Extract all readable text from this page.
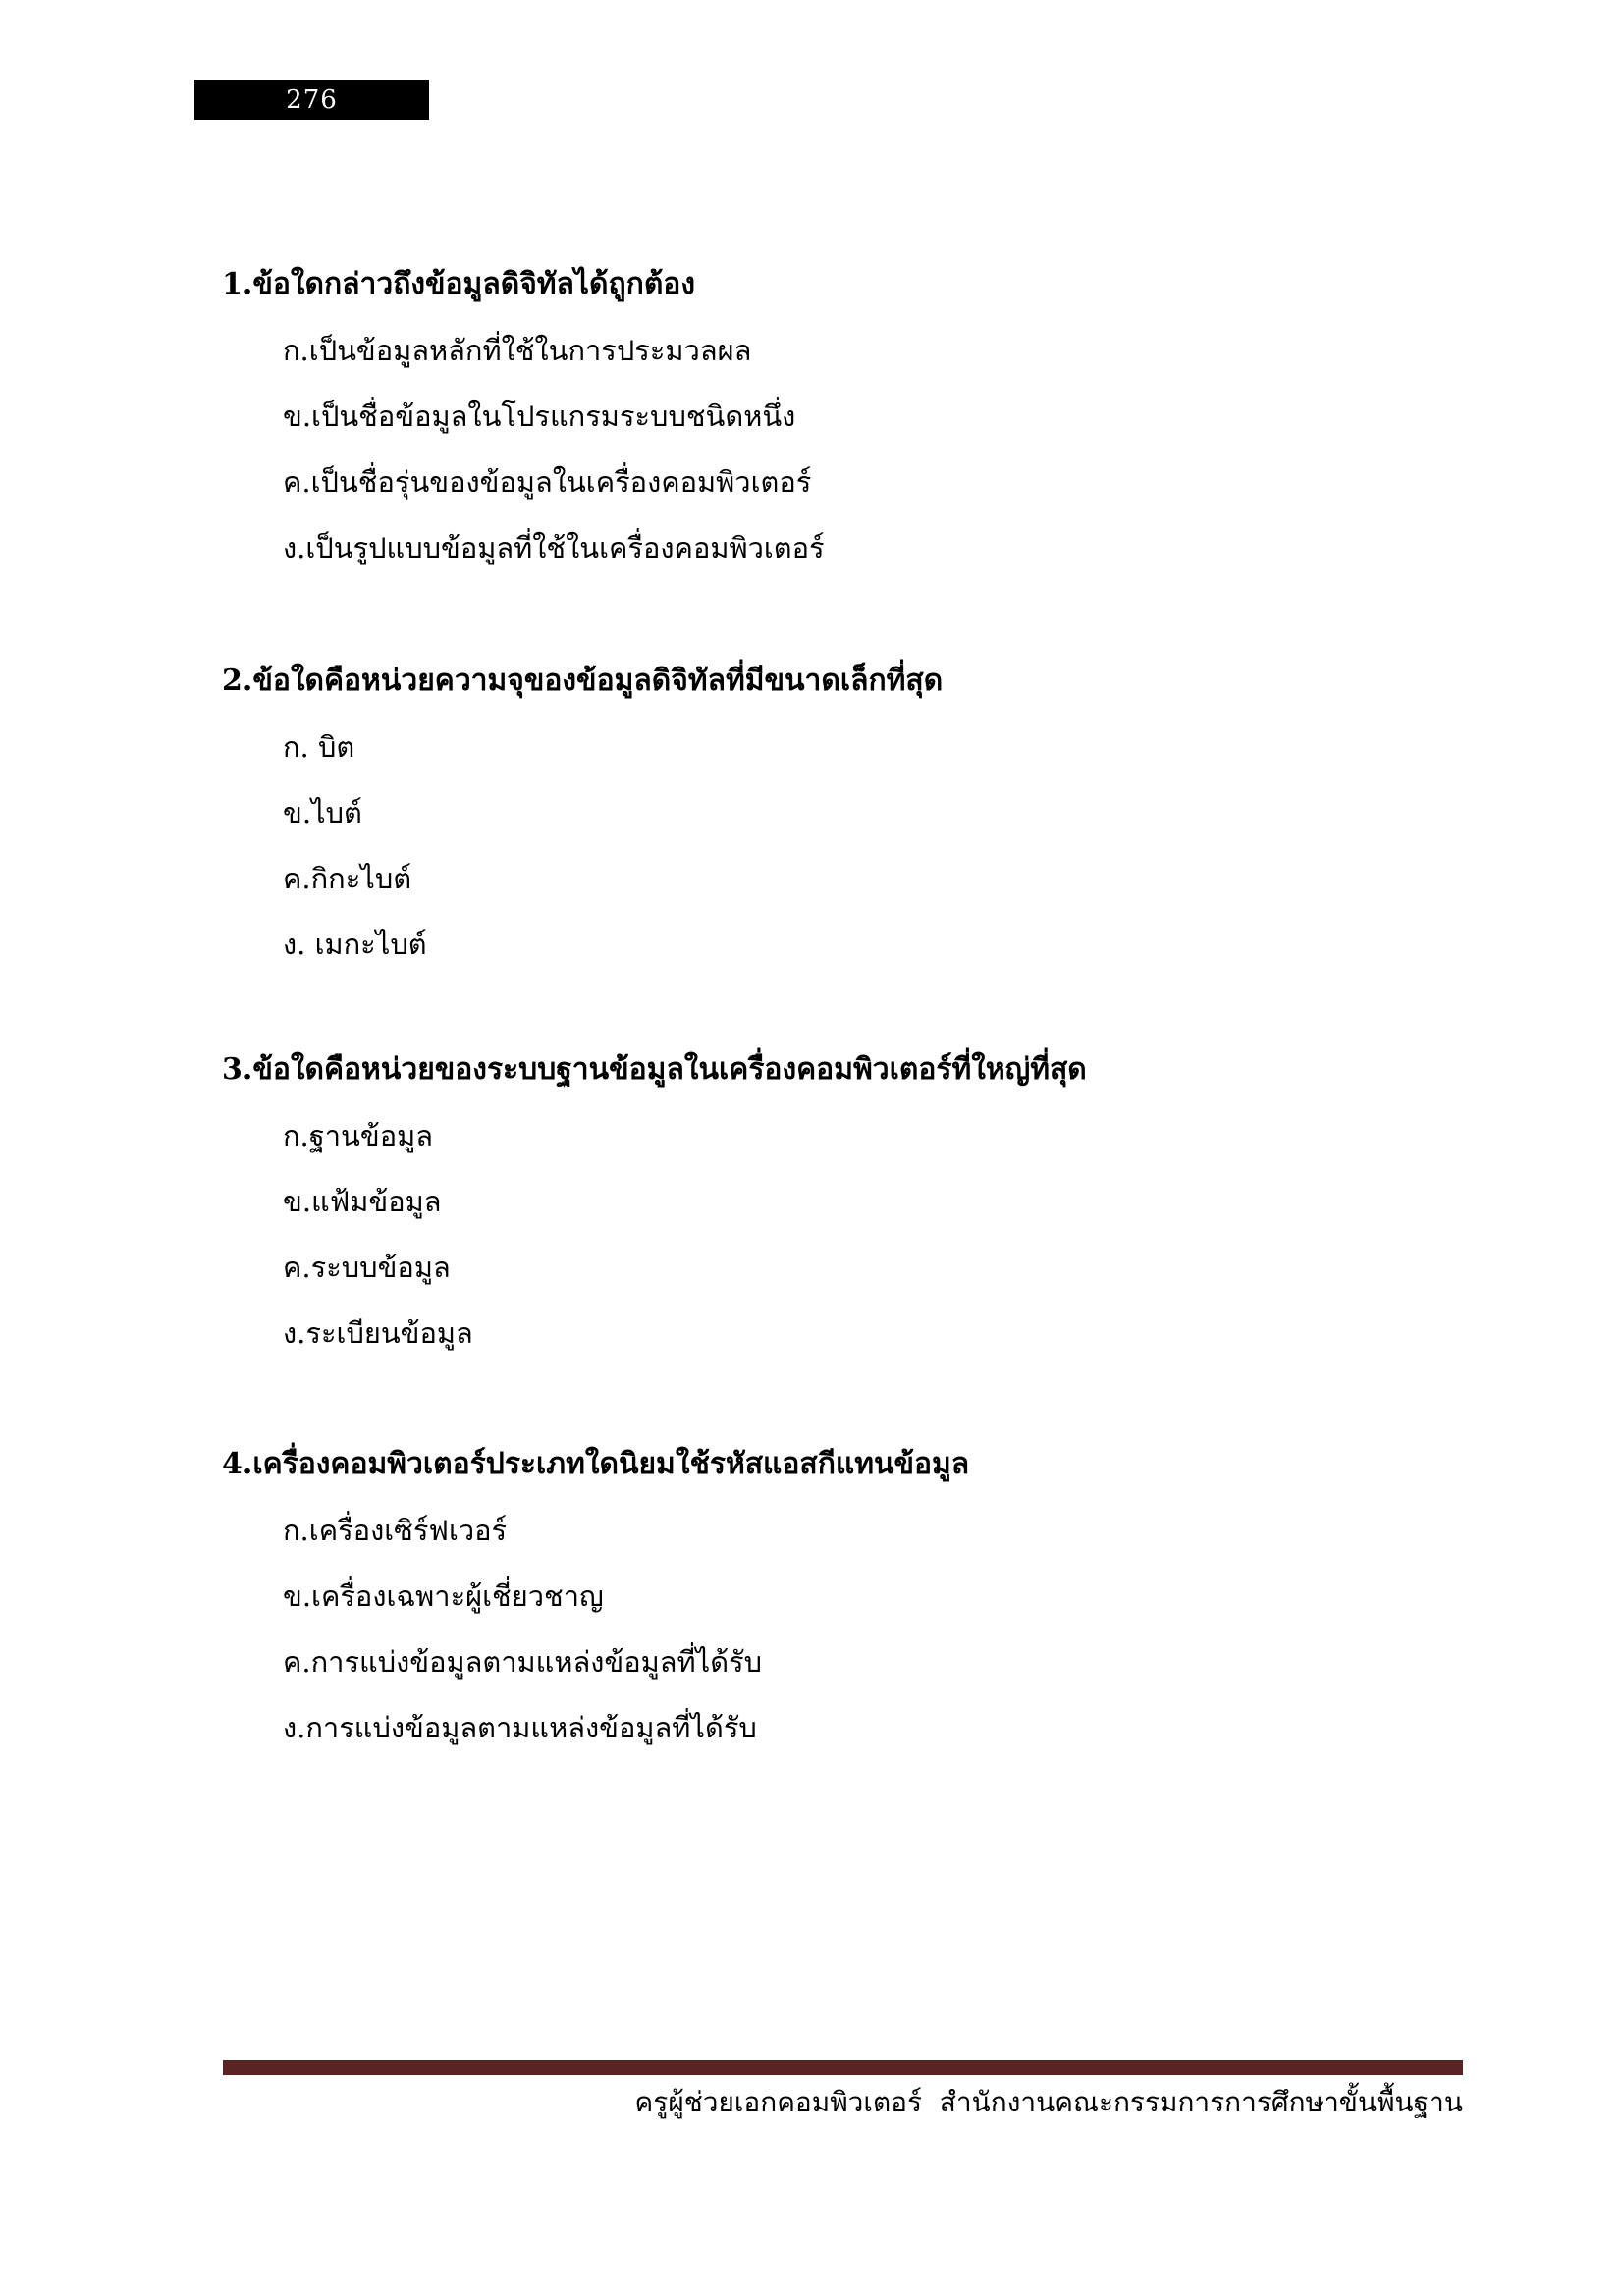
276
1.ข้อใดกล่าวถึงข้อมูลดิจิทัลได้ถูกต้อง
ก.เป็นข้อมูลหลักที่ใช้ในการประมวลผล
ข.เป็นชื่อข้อมูลในโปรแกรมระบบชนิดหนึ่ง
ค.เป็นชื่อรุ่นของข้อมูลในเครื่องคอมพิวเตอร์
ง.เป็นรูปแบบข้อมูลที่ใช้ในเครื่องคอมพิวเตอร์
2.ข้อใดคือหน่วยความจุของข้อมูลดิจิทัลที่มีขนาดเล็กที่สุด
ก. บิต
ข.ไบต์
ค.กิกะไบต์
ง. เมกะไบต์
3.ข้อใดคือหน่วยของระบบฐานข้อมูลในเครื่องคอมพิวเตอร์ที่ใหญ่ที่สุด
ก.ฐานข้อมูล
ข.แฟ้มข้อมูล
ค.ระบบข้อมูล
ง.ระเบียนข้อมูล
4.เครื่องคอมพิวเตอร์ประเภทใดนิยมใช้รหัสแอสกีแทนข้อมูล
ก.เครื่องเซิร์ฟเวอร์
ข.เครื่องเฉพาะผู้เชี่ยวชาญ
ค.การแบ่งข้อมูลตามแหล่งข้อมูลที่ได้รับ
ง.การแบ่งข้อมูลตามแหล่งข้อมูลที่ได้รับ
ครูผู้ช่วยเอกคอมพิวเตอร์  สำนักงานคณะกรรมการการศึกษาขั้นพื้นฐาน
